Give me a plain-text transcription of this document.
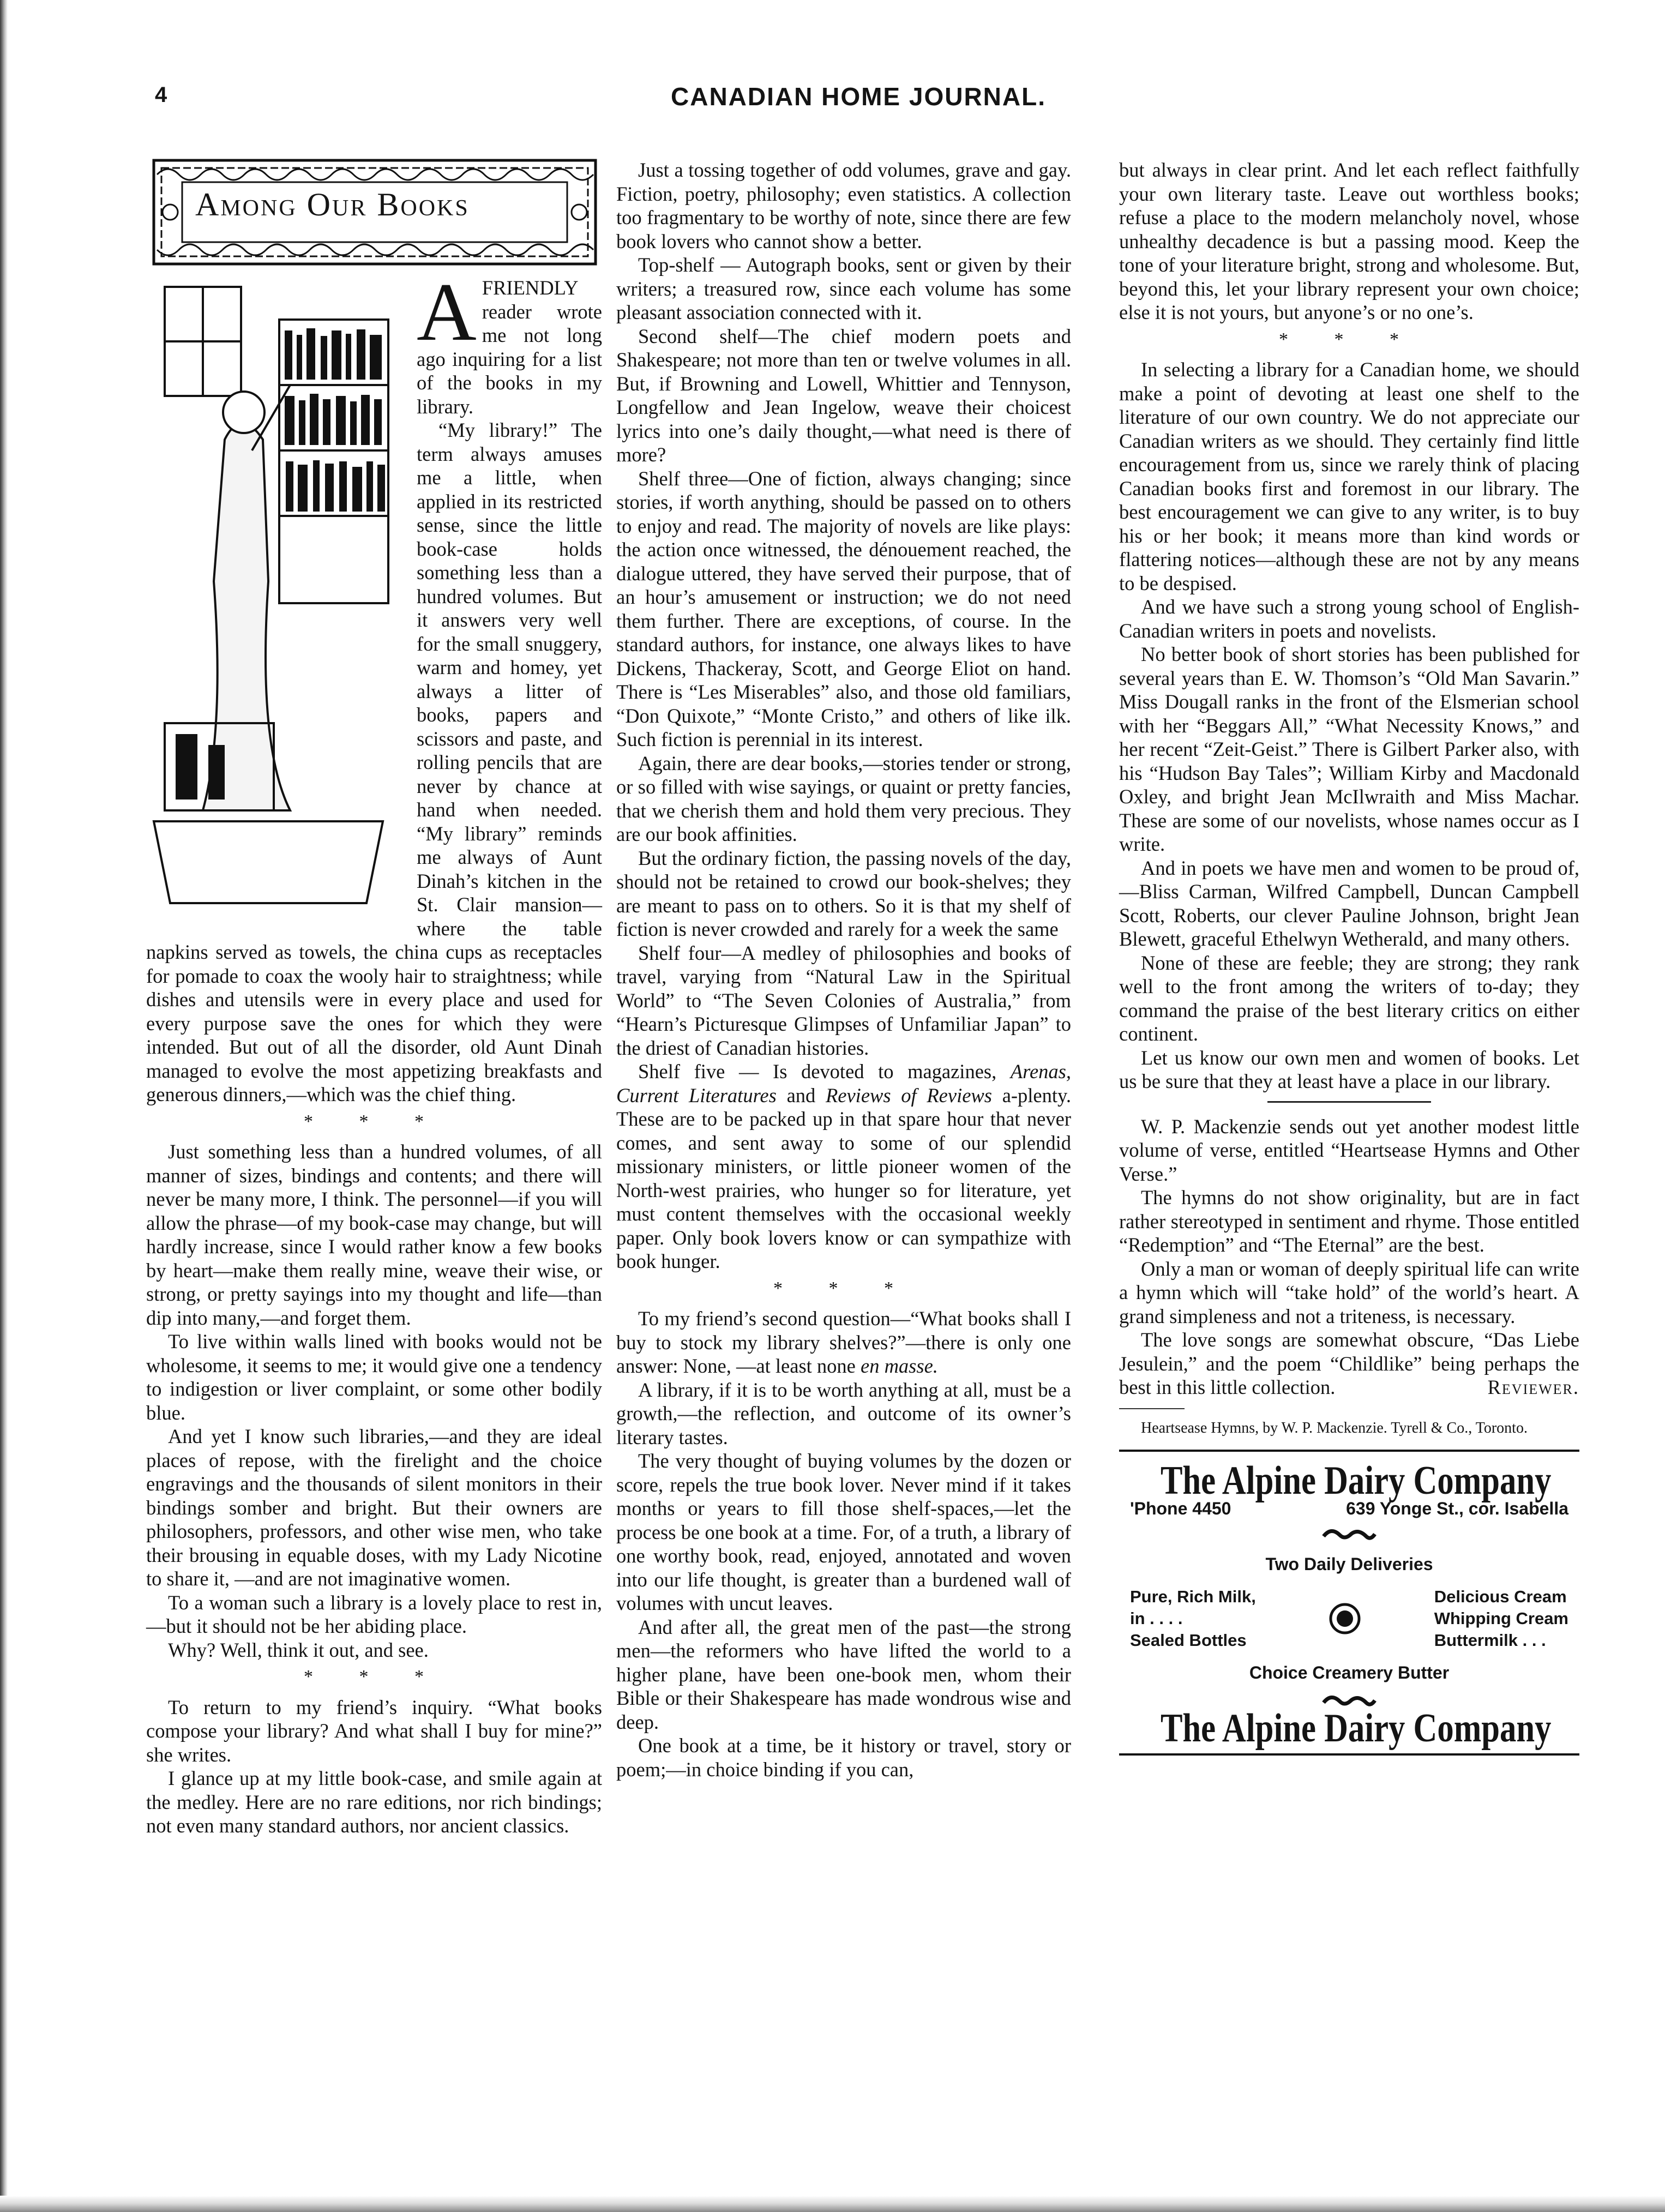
4	CANADIAN HOME JOURNAL.
Among Our Books

AFRIENDLY reader wrote me not long ago inquiring for a list of the books in my library.

“My library!” The term always amuses me a little, when applied in its restricted sense, since the little book-case holds something less than a hundred volumes. But it answers very well for the small snuggery, warm and homey, yet always a litter of books, papers and scissors and paste, and rolling pencils that are never by chance at hand when needed. “My library” reminds me always of Aunt Dinah’s kitchen in the St. Clair mansion—where the table napkins served as towels, the china cups as receptacles for pomade to coax the wooly hair to straightness; while dishes and utensils were in every place and used for every purpose save the ones for which they were intended. But out of all the disorder, old Aunt Dinah managed to evolve the most appetizing breakfasts and generous dinners,—which was the chief thing.

* * *

Just something less than a hundred volumes, of all manner of sizes, bindings and contents; and there will never be many more, I think. The personnel—if you will allow the phrase—of my book-case may change, but will hardly increase, since I would rather know a few books by heart—make them really mine, weave their wise, or strong, or pretty sayings into my thought and life—than dip into many,—and forget them.

To live within walls lined with books would not be wholesome, it seems to me; it would give one a tendency to indigestion or liver complaint, or some other bodily blue.

And yet I know such libraries,—and they are ideal places of repose, with the firelight and the choice engravings and the thousands of silent monitors in their bindings somber and bright. But their owners are philosophers, professors, and other wise men, who take their brousing in equable doses, with my Lady Nicotine to share it, —and are not imaginative women.

To a woman such a library is a lovely place to rest in,—but it should not be her abiding place.

Why? Well, think it out, and see.

* * *

To return to my friend’s inquiry. “What books compose your library? And what shall I buy for mine?” she writes.

I glance up at my little book-case, and smile again at the medley. Here are no rare editions, nor rich bindings; not even many standard authors, nor ancient classics.

Just a tossing together of odd volumes, grave and gay. Fiction, poetry, philosophy; even statistics. A collection too fragmentary to be worthy of note, since there are few book lovers who cannot show a better.

Top-shelf — Autograph books, sent or given by their writers; a treasured row, since each volume has some pleasant association connected with it.

Second shelf—The chief modern poets and Shakespeare; not more than ten or twelve volumes in all. But, if Browning and Lowell, Whittier and Tennyson, Longfellow and Jean Ingelow, weave their choicest lyrics into one’s daily thought,—what need is there of more?

Shelf three—One of fiction, always changing; since stories, if worth anything, should be passed on to others to enjoy and read. The majority of novels are like plays: the action once witnessed, the dénouement reached, the dialogue uttered, they have served their purpose, that of an hour’s amusement or instruction; we do not need them further. There are exceptions, of course. In the standard authors, for instance, one always likes to have Dickens, Thackeray, Scott, and George Eliot on hand. There is “Les Miserables” also, and those old familiars, “Don Quixote,” “Monte Cristo,” and others of like ilk. Such fiction is perennial in its interest.

Again, there are dear books,—stories tender or strong, or so filled with wise sayings, or quaint or pretty fancies, that we cherish them and hold them very precious. They are our book affinities.

But the ordinary fiction, the passing novels of the day, should not be retained to crowd our book-shelves; they are meant to pass on to others. So it is that my shelf of fiction is never crowded and rarely for a week the same

Shelf four—A medley of philosophies and books of travel, varying from “Natural Law in the Spiritual World” to “The Seven Colonies of Australia,” from “Hearn’s Picturesque Glimpses of Unfamiliar Japan” to the driest of Canadian histories.

Shelf five — Is devoted to magazines, Arenas, Current Literatures and Reviews of Reviews a-plenty. These are to be packed up in that spare hour that never comes, and sent away to some of our splendid missionary ministers, or little pioneer women of the North-west prairies, who hunger so for literature, yet must content themselves with the occasional weekly paper. Only book lovers know or can sympathize with book hunger.

* * *

To my friend’s second question—“What books shall I buy to stock my library shelves?”—there is only one answer: None, —at least none en masse.

A library, if it is to be worth anything at all, must be a growth,—the reflection, and outcome of its owner’s literary tastes.

The very thought of buying volumes by the dozen or score, repels the true book lover. Never mind if it takes months or years to fill those shelf-spaces,—let the process be one book at a time. For, of a truth, a library of one worthy book, read, enjoyed, annotated and woven into our life thought, is greater than a burdened wall of volumes with uncut leaves.

And after all, the great men of the past—the strong men—the reformers who have lifted the world to a higher plane, have been one-book men, whom their Bible or their Shakespeare has made wondrous wise and deep.

One book at a time, be it history or travel, story or poem;—in choice binding if you can,

but always in clear print. And let each reflect faithfully your own literary taste. Leave out worthless books; refuse a place to the modern melancholy novel, whose unhealthy decadence is but a passing mood. Keep the tone of your literature bright, strong and wholesome. But, beyond this, let your library represent your own choice; else it is not yours, but anyone’s or no one’s.

* * *

In selecting a library for a Canadian home, we should make a point of devoting at least one shelf to the literature of our own country. We do not appreciate our Canadian writers as we should. They certainly find little encouragement from us, since we rarely think of placing Canadian books first and foremost in our library. The best encouragement we can give to any writer, is to buy his or her book; it means more than kind words or flattering notices—although these are not by any means to be despised.

And we have such a strong young school of English-Canadian writers in poets and novelists.

No better book of short stories has been published for several years than E. W. Thomson’s “Old Man Savarin.” Miss Dougall ranks in the front of the Elsmerian school with her “Beggars All,” “What Necessity Knows,” and her recent “Zeit-Geist.” There is Gilbert Parker also, with his “Hudson Bay Tales”; William Kirby and Macdonald Oxley, and bright Jean McIlwraith and Miss Machar. These are some of our novelists, whose names occur as I write.

And in poets we have men and women to be proud of,—Bliss Carman, Wilfred Campbell, Duncan Campbell Scott, Roberts, our clever Pauline Johnson, bright Jean Blewett, graceful Ethelwyn Wetherald, and many others.

None of these are feeble; they are strong; they rank well to the front among the writers of to-day; they command the praise of the best literary critics on either continent.

Let us know our own men and women of books. Let us be sure that they at least have a place in our library.

W. P. Mackenzie sends out yet another modest little volume of verse, entitled “Heartsease Hymns and Other Verse.”

The hymns do not show originality, but are in fact rather stereotyped in sentiment and rhyme. Those entitled “Redemption” and “The Eternal” are the best.

Only a man or woman of deeply spiritual life can write a hymn which will “take hold” of the world’s heart. A grand simpleness and not a triteness, is necessary.

The love songs are somewhat obscure, “Das Liebe Jesulein,” and the poem “Childlike” being perhaps the best in this little collection.	Reviewer.

Heartsease Hymns, by W. P. Mackenzie. Tyrell & Co., Toronto.

The Alpine Dairy Company
'Phone 4450	639 Yonge St., cor. Isabella
Two Daily Deliveries
Pure, Rich Milk,
in . . . .
Sealed Bottles
Delicious Cream
Whipping Cream
Buttermilk . . .
Choice Creamery Butter
The Alpine Dairy Company
